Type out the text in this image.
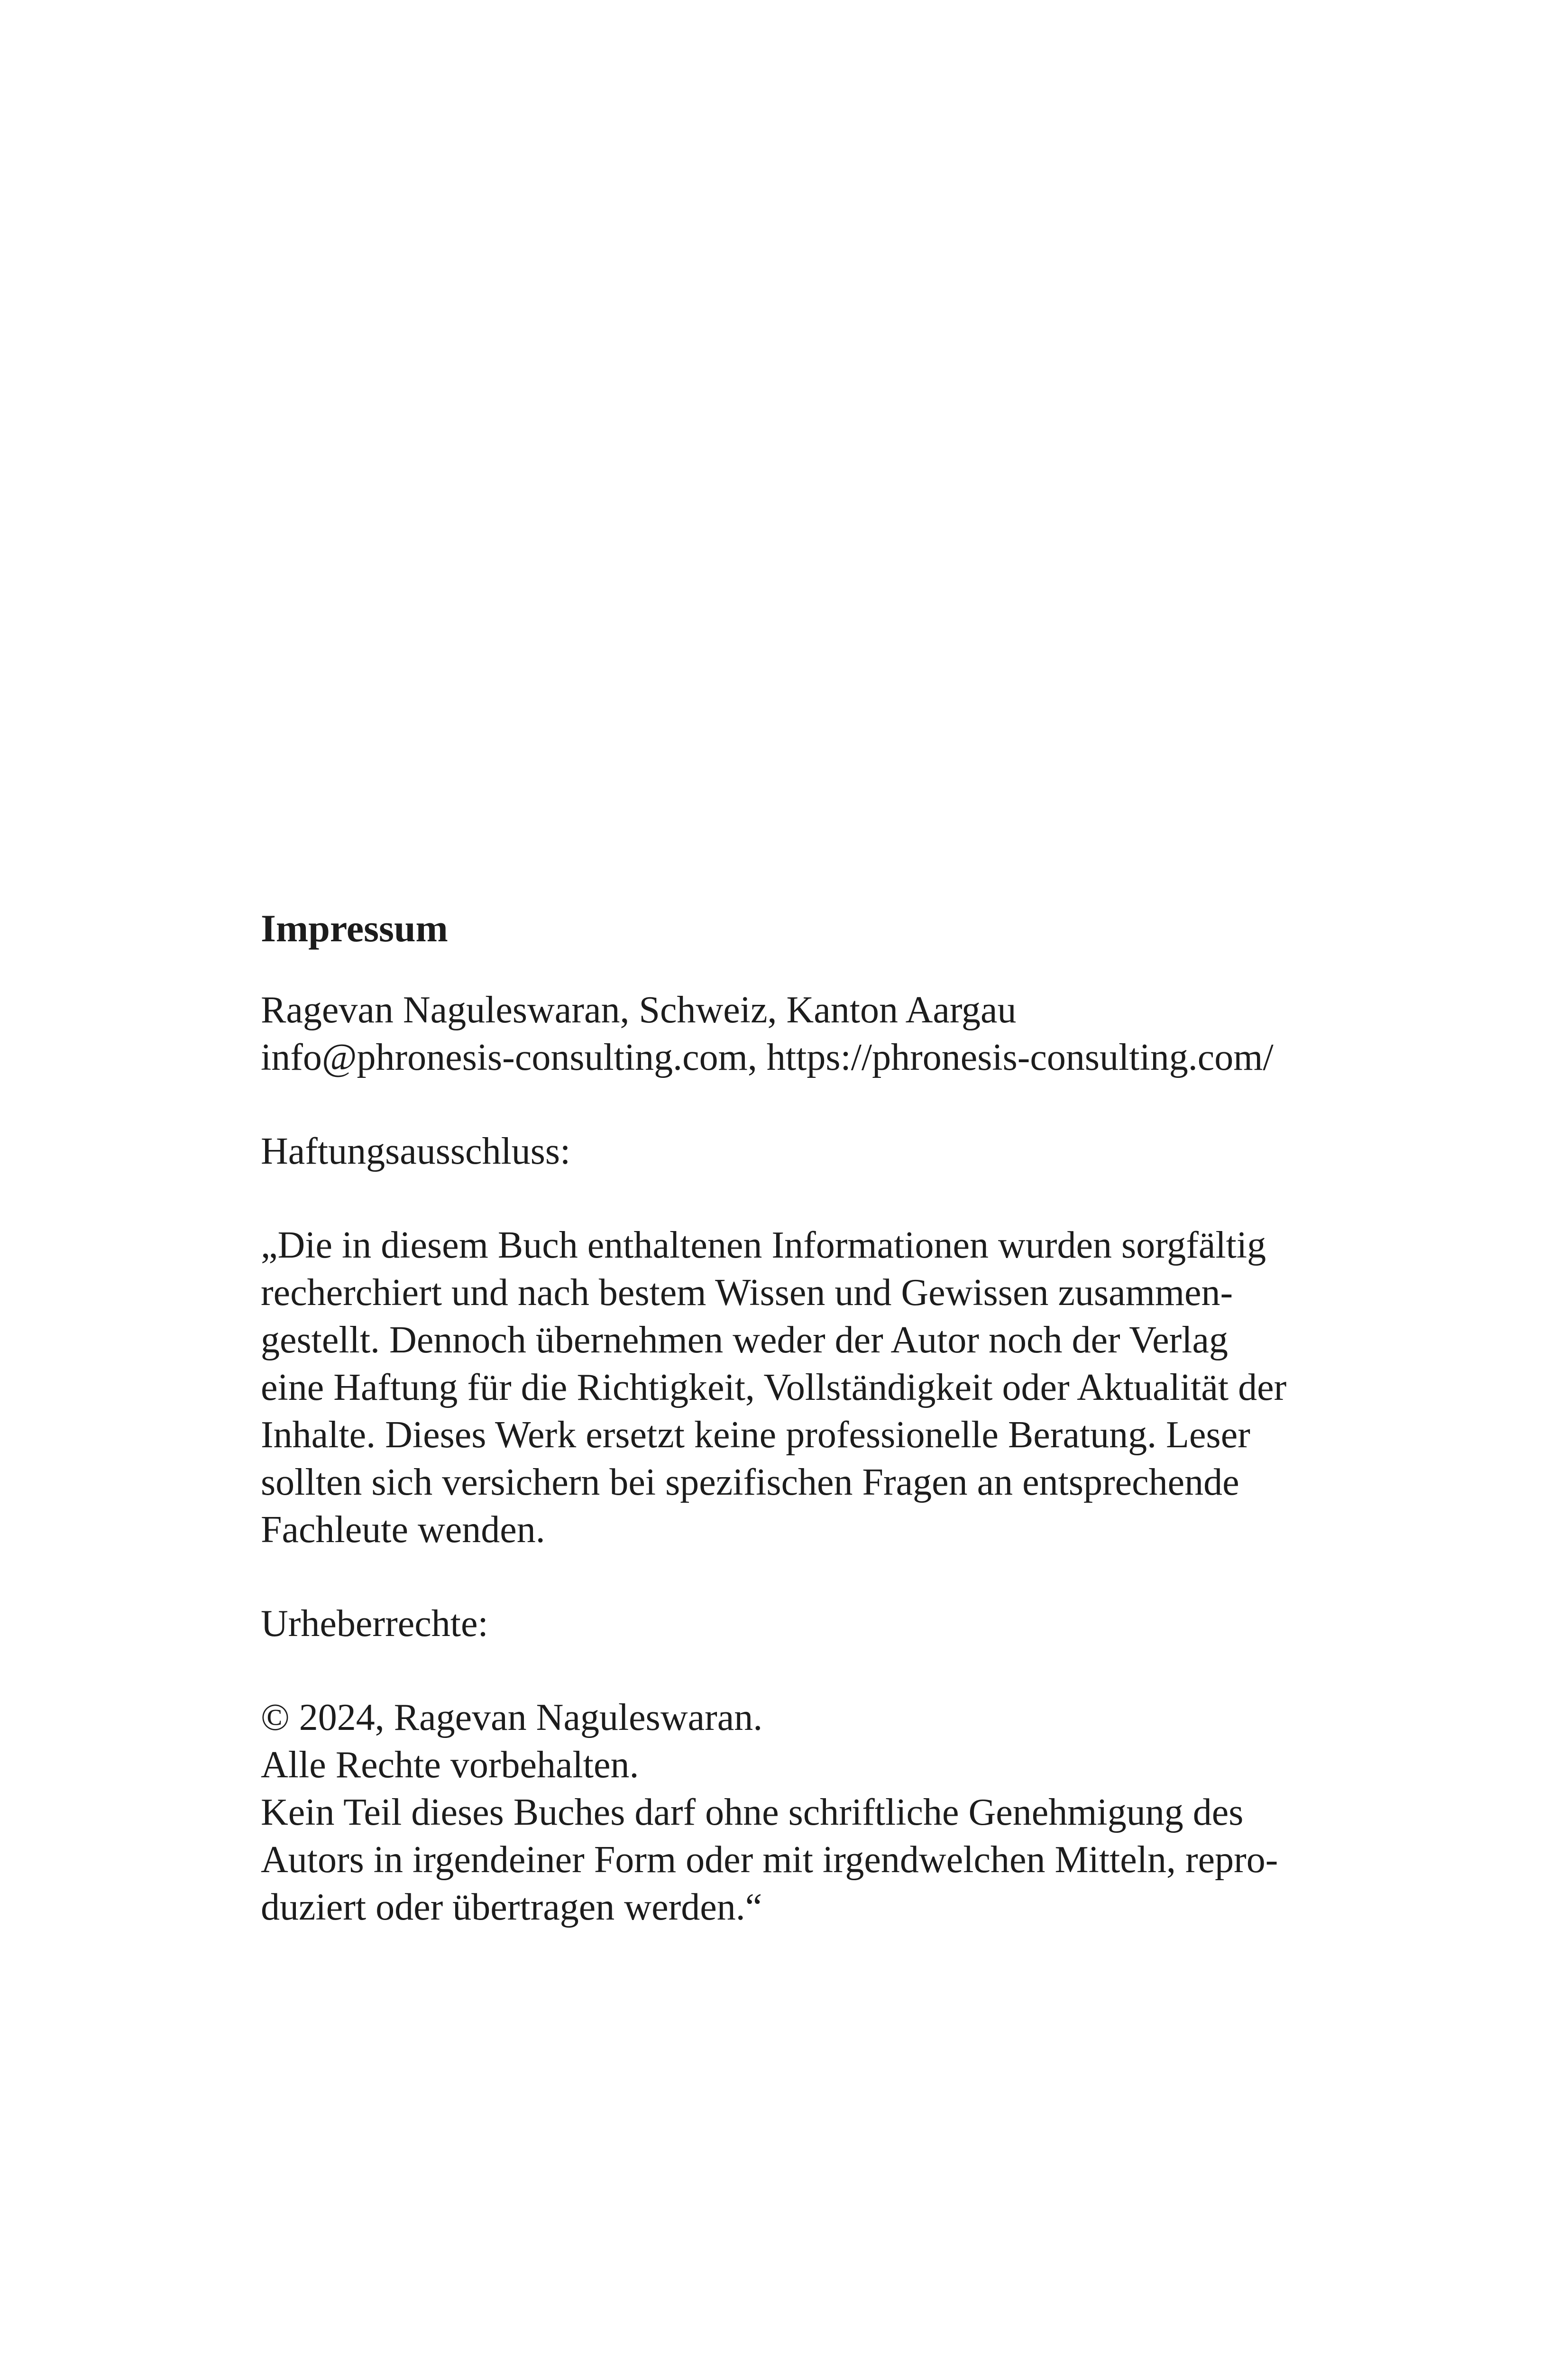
Impressum

Ragevan Naguleswaran, Schweiz, Kanton Aargau

info@phronesis-consulting.com, https://phronesis-consulting.com/

Haftungsausschluss:

„Die in diesem Buch enthaltenen Informationen wurden sorgfältig

recherchiert und nach bestem Wissen und Gewissen zusammen-

gestellt. Dennoch übernehmen weder der Autor noch der Verlag

eine Haftung für die Richtigkeit, Vollständigkeit oder Aktualität der

Inhalte. Dieses Werk ersetzt keine professionelle Beratung. Leser

sollten sich versichern bei spezifischen Fragen an entsprechende

Fachleute wenden.

Urheberrechte:

© 2024, Ragevan Naguleswaran.

Alle Rechte vorbehalten.

Kein Teil dieses Buches darf ohne schriftliche Genehmigung des

Autors in irgendeiner Form oder mit irgendwelchen Mitteln, repro-

duziert oder übertragen werden.“
